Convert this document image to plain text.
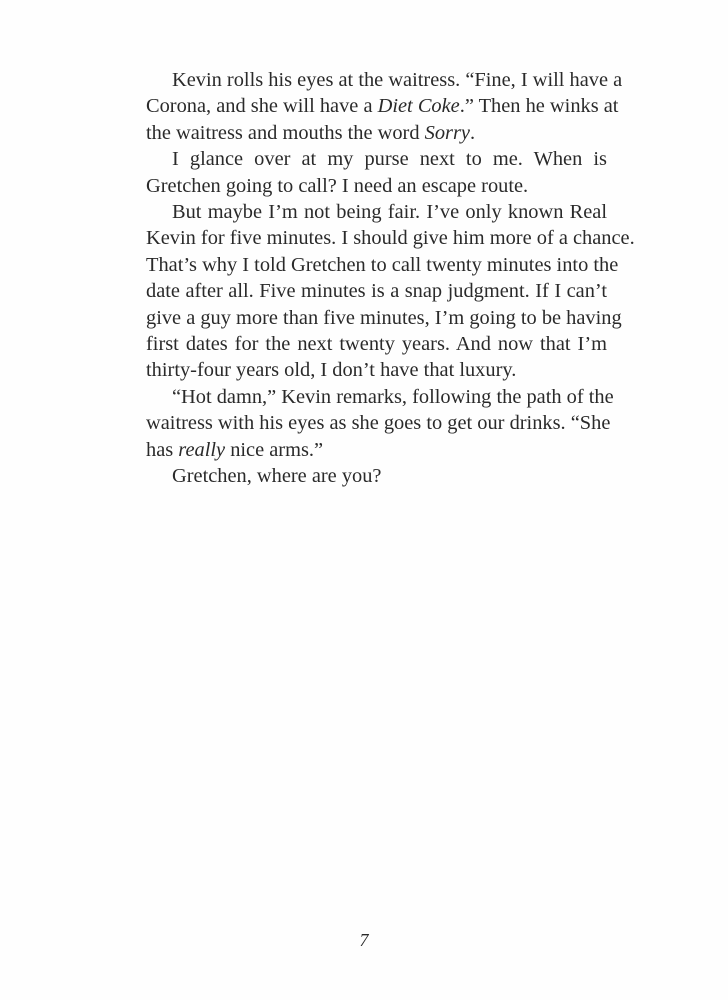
Kevin rolls his eyes at the waitress. “Fine, I will have a
Corona, and she will have a Diet Coke.” Then he winks at
the waitress and mouths the word Sorry.
I glance over at my purse next to me. When is
Gretchen going to call? I need an escape route.
But maybe I’m not being fair. I’ve only known Real
Kevin for five minutes. I should give him more of a chance.
That’s why I told Gretchen to call twenty minutes into the
date after all. Five minutes is a snap judgment. If I can’t
give a guy more than five minutes, I’m going to be having
first dates for the next twenty years. And now that I’m
thirty-four years old, I don’t have that luxury.
“Hot damn,” Kevin remarks, following the path of the
waitress with his eyes as she goes to get our drinks. “She
has really nice arms.”
Gretchen, where are you?
7
